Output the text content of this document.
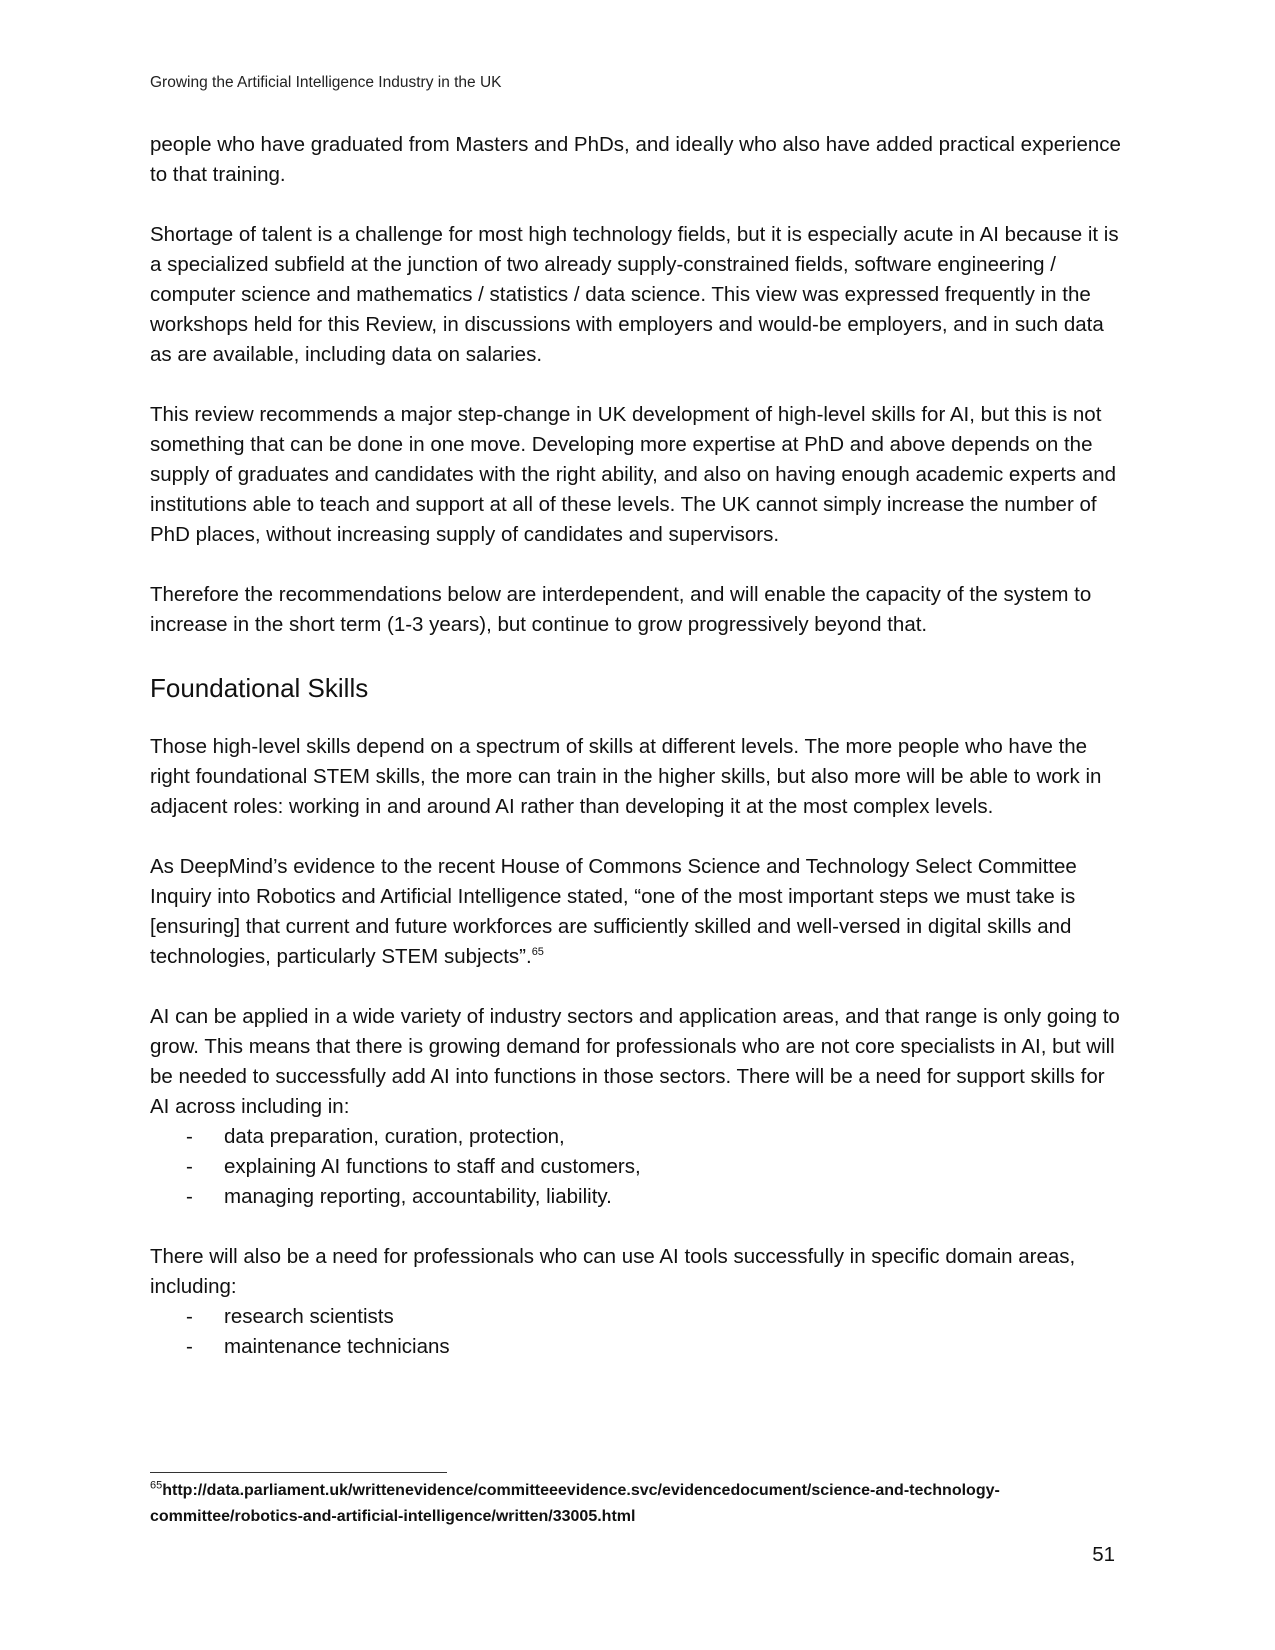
Growing the Artificial Intelligence Industry in the UK

people who have graduated from Masters and PhDs, and ideally who also have added practical experience to that training.

Shortage of talent is a challenge for most high technology fields, but it is especially acute in AI because it is a specialized subfield at the junction of two already supply-constrained fields, software engineering / computer science and mathematics / statistics / data science. This view was expressed frequently in the workshops held for this Review, in discussions with employers and would-be employers, and in such data as are available, including data on salaries.

This review recommends a major step-change in UK development of high-level skills for AI, but this is not something that can be done in one move. Developing more expertise at PhD and above depends on the supply of graduates and candidates with the right ability, and also on having enough academic experts and institutions able to teach and support at all of these levels. The UK cannot simply increase the number of PhD places, without increasing supply of candidates and supervisors.

Therefore the recommendations below are interdependent, and will enable the capacity of the system to increase in the short term (1-3 years), but continue to grow progressively beyond that.

Foundational Skills

Those high-level skills depend on a spectrum of skills at different levels. The more people who have the right foundational STEM skills, the more can train in the higher skills, but also more will be able to work in adjacent roles: working in and around AI rather than developing it at the most complex levels.

As DeepMind’s evidence to the recent House of Commons Science and Technology Select Committee Inquiry into Robotics and Artificial Intelligence stated, “one of the most important steps we must take is [ensuring] that current and future workforces are sufficiently skilled and well-versed in digital skills and technologies, particularly STEM subjects”.$^{65}$

AI can be applied in a wide variety of industry sectors and application areas, and that range is only going to grow. This means that there is growing demand for professionals who are not core specialists in AI, but will be needed to successfully add AI into functions in those sectors. There will be a need for support skills for AI across including in:

- data preparation, curation, protection,
- explaining AI functions to staff and customers,
- managing reporting, accountability, liability.

There will also be a need for professionals who can use AI tools successfully in specific domain areas, including:

- research scientists
- maintenance technicians
$^{65}$http://data.parliament.uk/writtenevidence/committeeevidence.svc/evidencedocument/science-and-technology-committee/robotics-and-artificial-intelligence/written/33005.html
51
